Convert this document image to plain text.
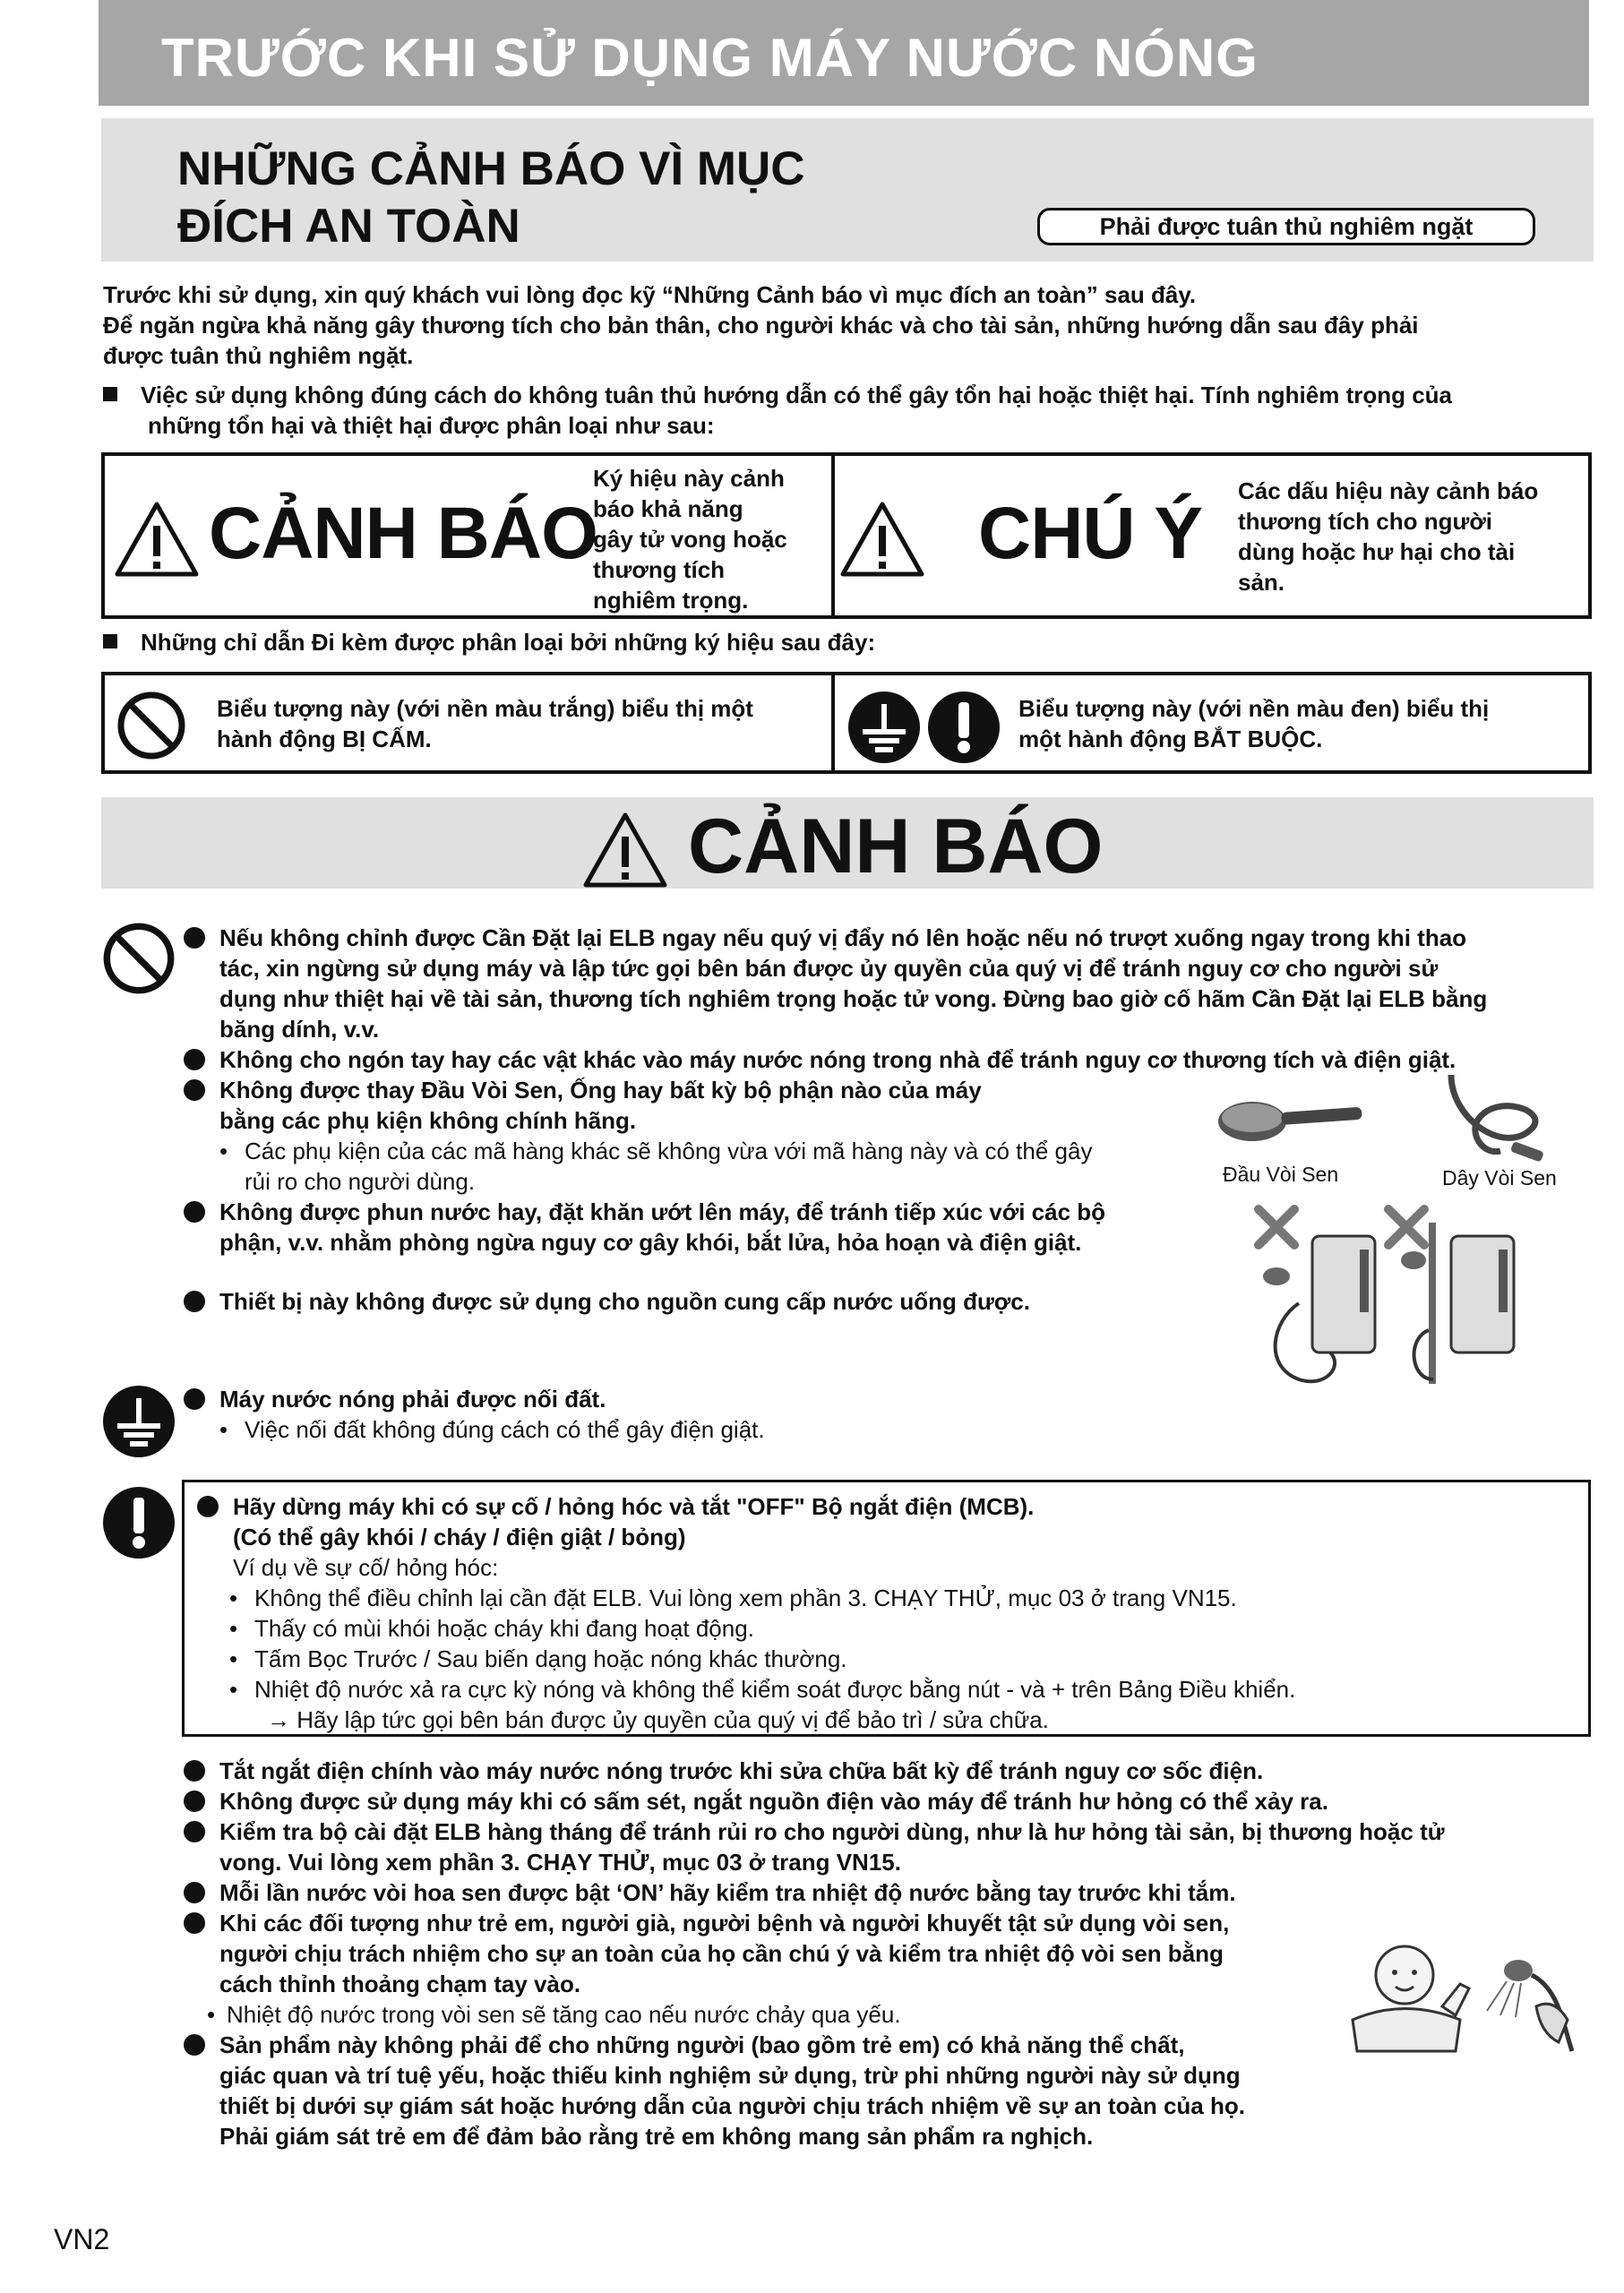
TRƯỚC KHI SỬ DỤNG MÁY NƯỚC NÓNG
NHỮNG CẢNH BÁO VÌ MỤC
ĐÍCH AN TOÀN	Phải được tuân thủ nghiêm ngặt
Trước khi sử dụng, xin quý khách vui lòng đọc kỹ “Những Cảnh báo vì mục đích an toàn” sau đây.
Để ngăn ngừa khả năng gây thương tích cho bản thân, cho người khác và cho tài sản, những hướng dẫn sau đây phải
được tuân thủ nghiêm ngặt.
Việc sử dụng không đúng cách do không tuân thủ hướng dẫn có thể gây tổn hại hoặc thiệt hại. Tính nghiêm trọng của
những tổn hại và thiệt hại được phân loại như sau:
CẢNH BÁO
Ký hiệu này cảnh
báo khả năng
gây tử vong hoặc
thương tích
nghiêm trọng.
CHÚ Ý
Các dấu hiệu này cảnh báo
thương tích cho người
dùng hoặc hư hại cho tài
sản.
Những chỉ dẫn Đi kèm được phân loại bởi những ký hiệu sau đây:
Biểu tượng này (với nền màu trắng) biểu thị một
hành động BỊ CẤM.
Biểu tượng này (với nền màu đen) biểu thị
một hành động BẮT BUỘC.
CẢNH BÁO
Nếu không chỉnh được Cần Đặt lại ELB ngay nếu quý vị đẩy nó lên hoặc nếu nó trượt xuống ngay trong khi thao
tác, xin ngừng sử dụng máy và lập tức gọi bên bán được ủy quyền của quý vị để tránh nguy cơ cho người sử
dụng như thiệt hại về tài sản, thương tích nghiêm trọng hoặc tử vong. Đừng bao giờ cố hãm Cần Đặt lại ELB bằng
băng dính, v.v.
Không cho ngón tay hay các vật khác vào máy nước nóng trong nhà để tránh nguy cơ thương tích và điện giật.
Không được thay Đầu Vòi Sen, Ống hay bất kỳ bộ phận nào của máy
bằng các phụ kiện không chính hãng.
• Các phụ kiện của các mã hàng khác sẽ không vừa với mã hàng này và có thể gây
rủi ro cho người dùng.
Không được phun nước hay, đặt khăn ướt lên máy, để tránh tiếp xúc với các bộ
phận, v.v. nhằm phòng ngừa nguy cơ gây khói, bắt lửa, hỏa hoạn và điện giật.
Thiết bị này không được sử dụng cho nguồn cung cấp nước uống được.
Đầu Vòi Sen	Dây Vòi Sen
Máy nước nóng phải được nối đất.
• Việc nối đất không đúng cách có thể gây điện giật.
Hãy dừng máy khi có sự cố / hỏng hóc và tắt "OFF" Bộ ngắt điện (MCB).
(Có thể gây khói / cháy / điện giật / bỏng)
Ví dụ về sự cố/ hỏng hóc:
• Không thể điều chỉnh lại cần đặt ELB. Vui lòng xem phần 3. CHẠY THỬ, mục 03 ở trang VN15.
• Thấy có mùi khói hoặc cháy khi đang hoạt động.
• Tấm Bọc Trước / Sau biến dạng hoặc nóng khác thường.
• Nhiệt độ nước xả ra cực kỳ nóng và không thể kiểm soát được bằng nút - và + trên Bảng Điều khiển.
→ Hãy lập tức gọi bên bán được ủy quyền của quý vị để bảo trì / sửa chữa.
Tắt ngắt điện chính vào máy nước nóng trước khi sửa chữa bất kỳ để tránh nguy cơ sốc điện.
Không được sử dụng máy khi có sấm sét, ngắt nguồn điện vào máy để tránh hư hỏng có thể xảy ra.
Kiểm tra bộ cài đặt ELB hàng tháng để tránh rủi ro cho người dùng, như là hư hỏng tài sản, bị thương hoặc tử
vong. Vui lòng xem phần 3. CHẠY THỬ, mục 03 ở trang VN15.
Mỗi lần nước vòi hoa sen được bật ‘ON’ hãy kiểm tra nhiệt độ nước bằng tay trước khi tắm.
Khi các đối tượng như trẻ em, người già, người bệnh và người khuyết tật sử dụng vòi sen,
người chịu trách nhiệm cho sự an toàn của họ cần chú ý và kiểm tra nhiệt độ vòi sen bằng
cách thỉnh thoảng chạm tay vào.
• Nhiệt độ nước trong vòi sen sẽ tăng cao nếu nước chảy qua yếu.
Sản phẩm này không phải để cho những người (bao gồm trẻ em) có khả năng thể chất,
giác quan và trí tuệ yếu, hoặc thiếu kinh nghiệm sử dụng, trừ phi những người này sử dụng
thiết bị dưới sự giám sát hoặc hướng dẫn của người chịu trách nhiệm về sự an toàn của họ.
Phải giám sát trẻ em để đảm bảo rằng trẻ em không mang sản phẩm ra nghịch.
VN2
